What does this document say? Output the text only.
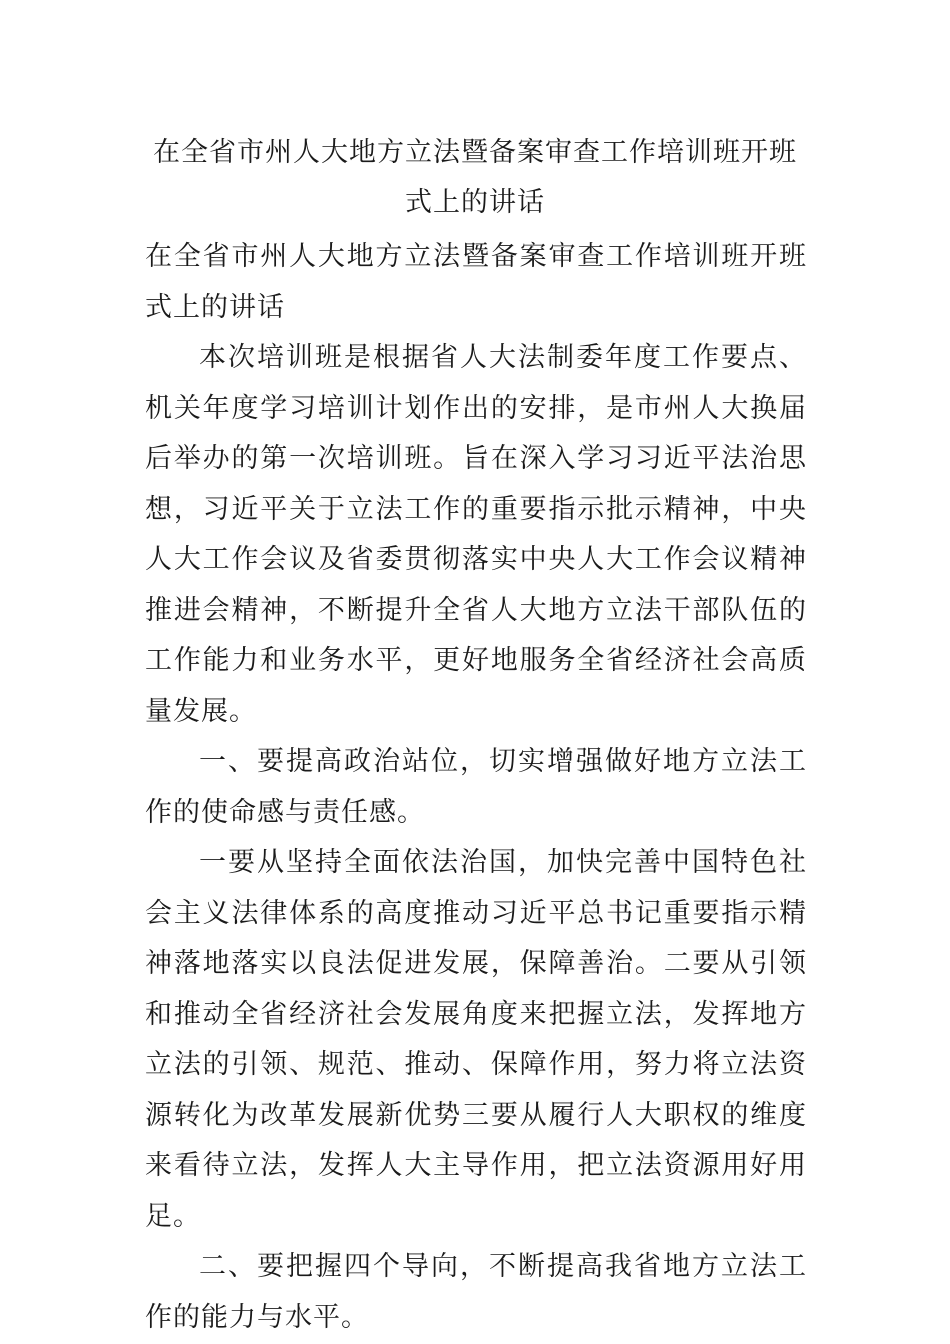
在全省市州人大地方立法暨备案审查工作培训班开班式上的讲话

在全省市州人大地方立法暨备案审查工作培训班开班式上的讲话

本次培训班是根据省人大法制委年度工作要点、机关年度学习培训计划作出的安排，是市州人大换届后举办的第一次培训班。旨在深入学习习近平法治思想，习近平关于立法工作的重要指示批示精神，中央人大工作会议及省委贯彻落实中央人大工作会议精神推进会精神，不断提升全省人大地方立法干部队伍的工作能力和业务水平，更好地服务全省经济社会高质量发展。

一、要提高政治站位，切实增强做好地方立法工作的使命感与责任感。

一要从坚持全面依法治国，加快完善中国特色社会主义法律体系的高度推动习近平总书记重要指示精神落地落实以良法促进发展，保障善治。二要从引领和推动全省经济社会发展角度来把握立法，发挥地方立法的引领、规范、推动、保障作用，努力将立法资源转化为改革发展新优势三要从履行人大职权的维度来看待立法，发挥人大主导作用，把立法资源用好用足。

二、要把握四个导向，不断提高我省地方立法工作的能力与水平。
